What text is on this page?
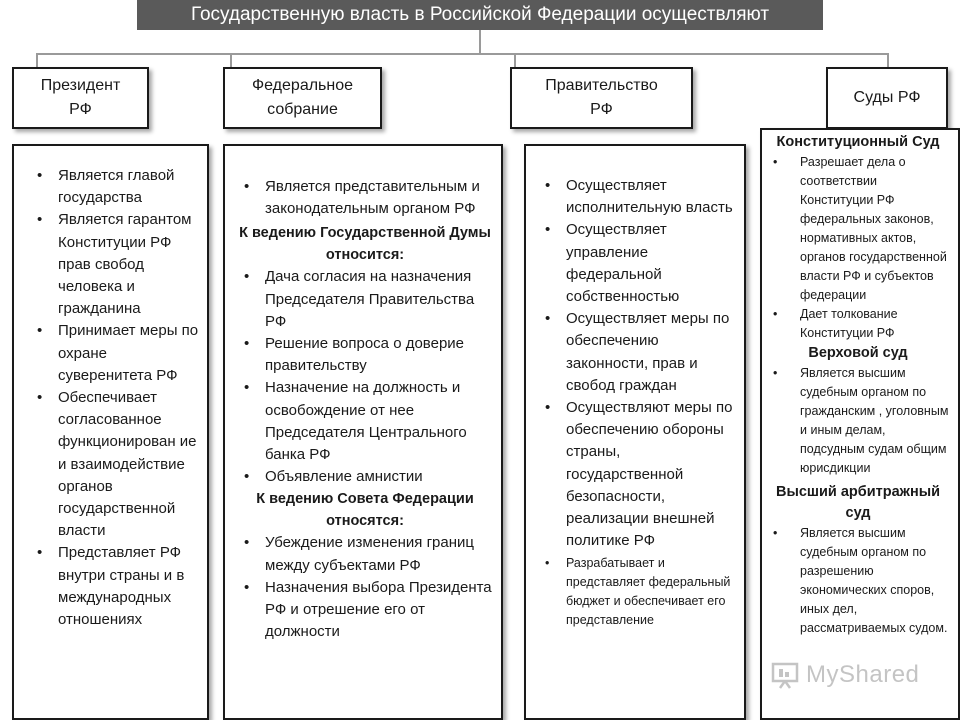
Государственную власть в Российской Федерации осуществляют
Президент РФ
Федеральное собрание
Правительство РФ
Суды РФ
• Является главой государства
• Является гарантом Конституции РФ прав свобод человека и гражданина
• Принимает меры по охране суверенитета РФ
• Обеспечивает согласованное функционирован ие и взаимодействие органов государственной власти
• Представляет РФ внутри страны и в международных отношениях
• Является представительным и законодательным органом РФ
К ведению Государственной Думы относится:
• Дача согласия на назначения Председателя Правительства РФ
• Решение вопроса о доверие правительству
• Назначение на должность и освобождение от нее Председателя Центрального банка РФ
• Объявление амнистии
К ведению Совета Федерации относятся:
• Убеждение изменения границ между субъектами РФ
• Назначения выбора Президента РФ и отрешение его от должности
• Осуществляет исполнительную власть
• Осуществляет управление федеральной собственностью
• Осуществляет меры по обеспечению законности, прав и свобод граждан
• Осуществляют меры по обеспечению обороны страны, государственной безопасности, реализации внешней политике РФ
• Разрабатывает и представляет федеральный бюджет и обеспечивает его представление
Конституционный Суд
• Разрешает дела о соответствии Конституции РФ федеральных законов, нормативных актов, органов государственной власти РФ и субъектов федерации
• Дает толкование Конституции РФ
Верховой суд
• Является высшим судебным органом по гражданским , уголовным и иным делам, подсудным судам общим юрисдикции
Высший арбитражный суд
• Является высшим судебным органом по разрешению экономических споров, иных дел, рассматриваемых судом.
MyShared
